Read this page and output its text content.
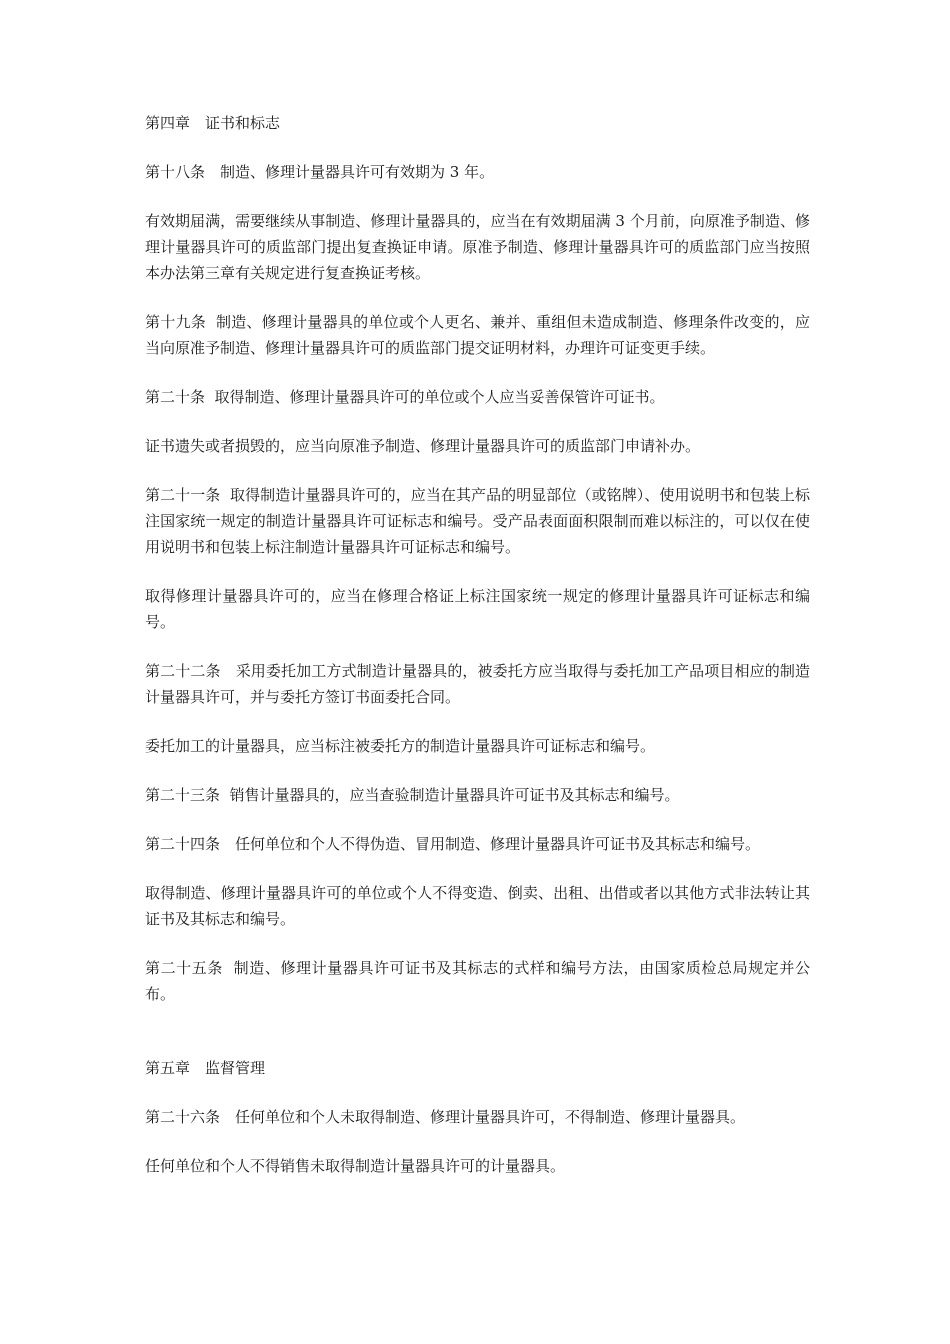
第四章　证书和标志

第十八条　制造、修理计量器具许可有效期为 3 年。

有效期届满，需要继续从事制造、修理计量器具的，应当在有效期届满 3 个月前，向原准予制造、修理计量器具许可的质监部门提出复查换证申请。原准予制造、修理计量器具许可的质监部门应当按照本办法第三章有关规定进行复查换证考核。

第十九条  制造、修理计量器具的单位或个人更名、兼并、重组但未造成制造、修理条件改变的，应当向原准予制造、修理计量器具许可的质监部门提交证明材料，办理许可证变更手续。

第二十条  取得制造、修理计量器具许可的单位或个人应当妥善保管许可证书。

证书遗失或者损毁的，应当向原准予制造、修理计量器具许可的质监部门申请补办。

第二十一条  取得制造计量器具许可的，应当在其产品的明显部位（或铭牌）、使用说明书和包装上标注国家统一规定的制造计量器具许可证标志和编号。受产品表面面积限制而难以标注的，可以仅在使用说明书和包装上标注制造计量器具许可证标志和编号。

取得修理计量器具许可的，应当在修理合格证上标注国家统一规定的修理计量器具许可证标志和编号。

第二十二条　采用委托加工方式制造计量器具的，被委托方应当取得与委托加工产品项目相应的制造计量器具许可，并与委托方签订书面委托合同。

委托加工的计量器具，应当标注被委托方的制造计量器具许可证标志和编号。

第二十三条  销售计量器具的，应当查验制造计量器具许可证书及其标志和编号。

第二十四条　任何单位和个人不得伪造、冒用制造、修理计量器具许可证书及其标志和编号。

取得制造、修理计量器具许可的单位或个人不得变造、倒卖、出租、出借或者以其他方式非法转让其证书及其标志和编号。

第二十五条  制造、修理计量器具许可证书及其标志的式样和编号方法，由国家质检总局规定并公布。

第五章　监督管理

第二十六条　任何单位和个人未取得制造、修理计量器具许可，不得制造、修理计量器具。

任何单位和个人不得销售未取得制造计量器具许可的计量器具。
